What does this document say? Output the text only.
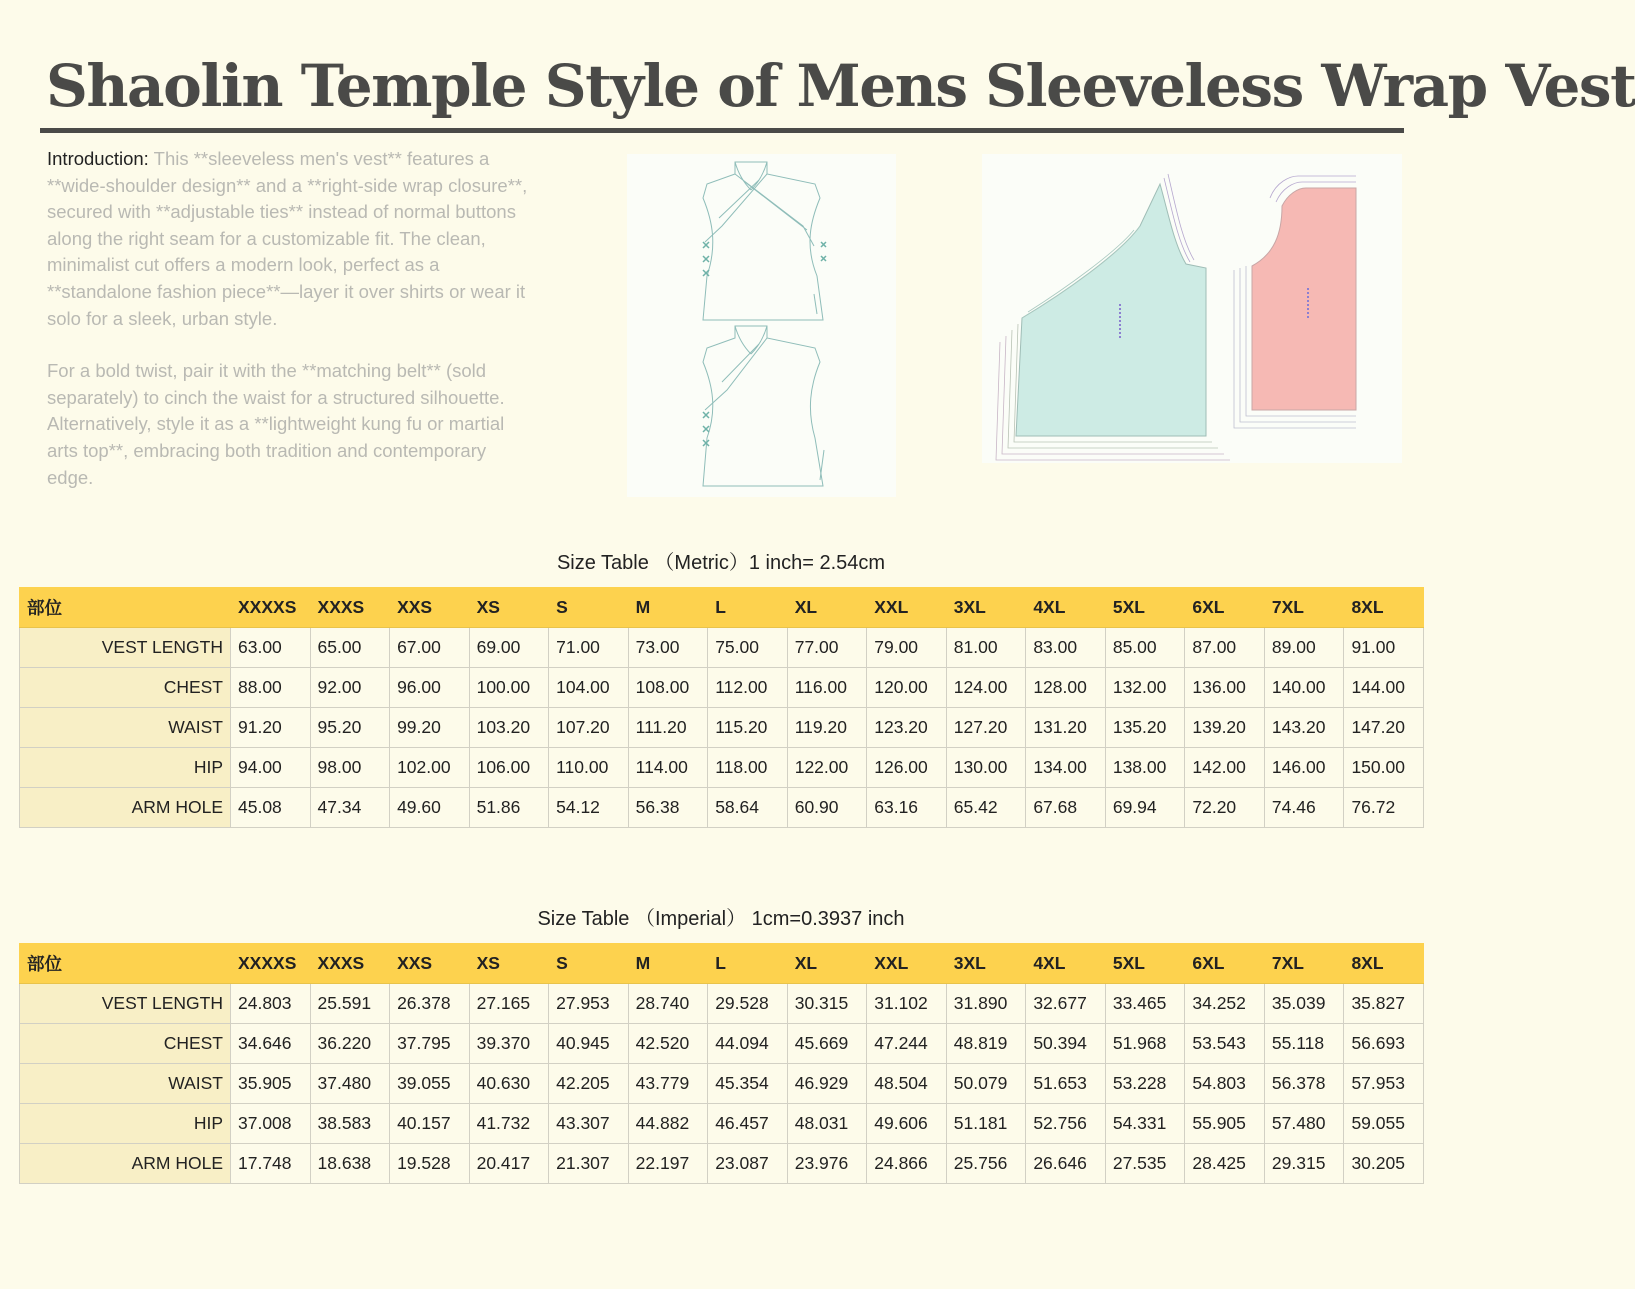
Shaolin Temple Style of Mens Sleeveless Wrap Vest

Introduction: This **sleeveless men's vest** features a **wide-shoulder design** and a **right-side wrap closure**, secured with **adjustable ties** instead of normal buttons along the right seam for a customizable fit. The clean, minimalist cut offers a modern look, perfect as a **standalone fashion piece**—layer it over shirts or wear it solo for a sleek, urban style.

For a bold twist, pair it with the **matching belt** (sold separately) to cinch the waist for a structured silhouette. Alternatively, style it as a **lightweight kung fu or martial arts top**, embracing both tradition and contemporary edge.

Size Table （Metric）1 inch= 2.54cm

部位	XXXXS	XXXS	XXS	XS	S	M	L	XL	XXL	3XL	4XL	5XL	6XL	7XL	8XL
VEST LENGTH	63.00	65.00	67.00	69.00	71.00	73.00	75.00	77.00	79.00	81.00	83.00	85.00	87.00	89.00	91.00
CHEST	88.00	92.00	96.00	100.00	104.00	108.00	112.00	116.00	120.00	124.00	128.00	132.00	136.00	140.00	144.00
WAIST	91.20	95.20	99.20	103.20	107.20	111.20	115.20	119.20	123.20	127.20	131.20	135.20	139.20	143.20	147.20
HIP	94.00	98.00	102.00	106.00	110.00	114.00	118.00	122.00	126.00	130.00	134.00	138.00	142.00	146.00	150.00
ARM HOLE	45.08	47.34	49.60	51.86	54.12	56.38	58.64	60.90	63.16	65.42	67.68	69.94	72.20	74.46	76.72

Size Table （Imperial） 1cm=0.3937 inch

部位	XXXXS	XXXS	XXS	XS	S	M	L	XL	XXL	3XL	4XL	5XL	6XL	7XL	8XL
VEST LENGTH	24.803	25.591	26.378	27.165	27.953	28.740	29.528	30.315	31.102	31.890	32.677	33.465	34.252	35.039	35.827
CHEST	34.646	36.220	37.795	39.370	40.945	42.520	44.094	45.669	47.244	48.819	50.394	51.968	53.543	55.118	56.693
WAIST	35.905	37.480	39.055	40.630	42.205	43.779	45.354	46.929	48.504	50.079	51.653	53.228	54.803	56.378	57.953
HIP	37.008	38.583	40.157	41.732	43.307	44.882	46.457	48.031	49.606	51.181	52.756	54.331	55.905	57.480	59.055
ARM HOLE	17.748	18.638	19.528	20.417	21.307	22.197	23.087	23.976	24.866	25.756	26.646	27.535	28.425	29.315	30.205
